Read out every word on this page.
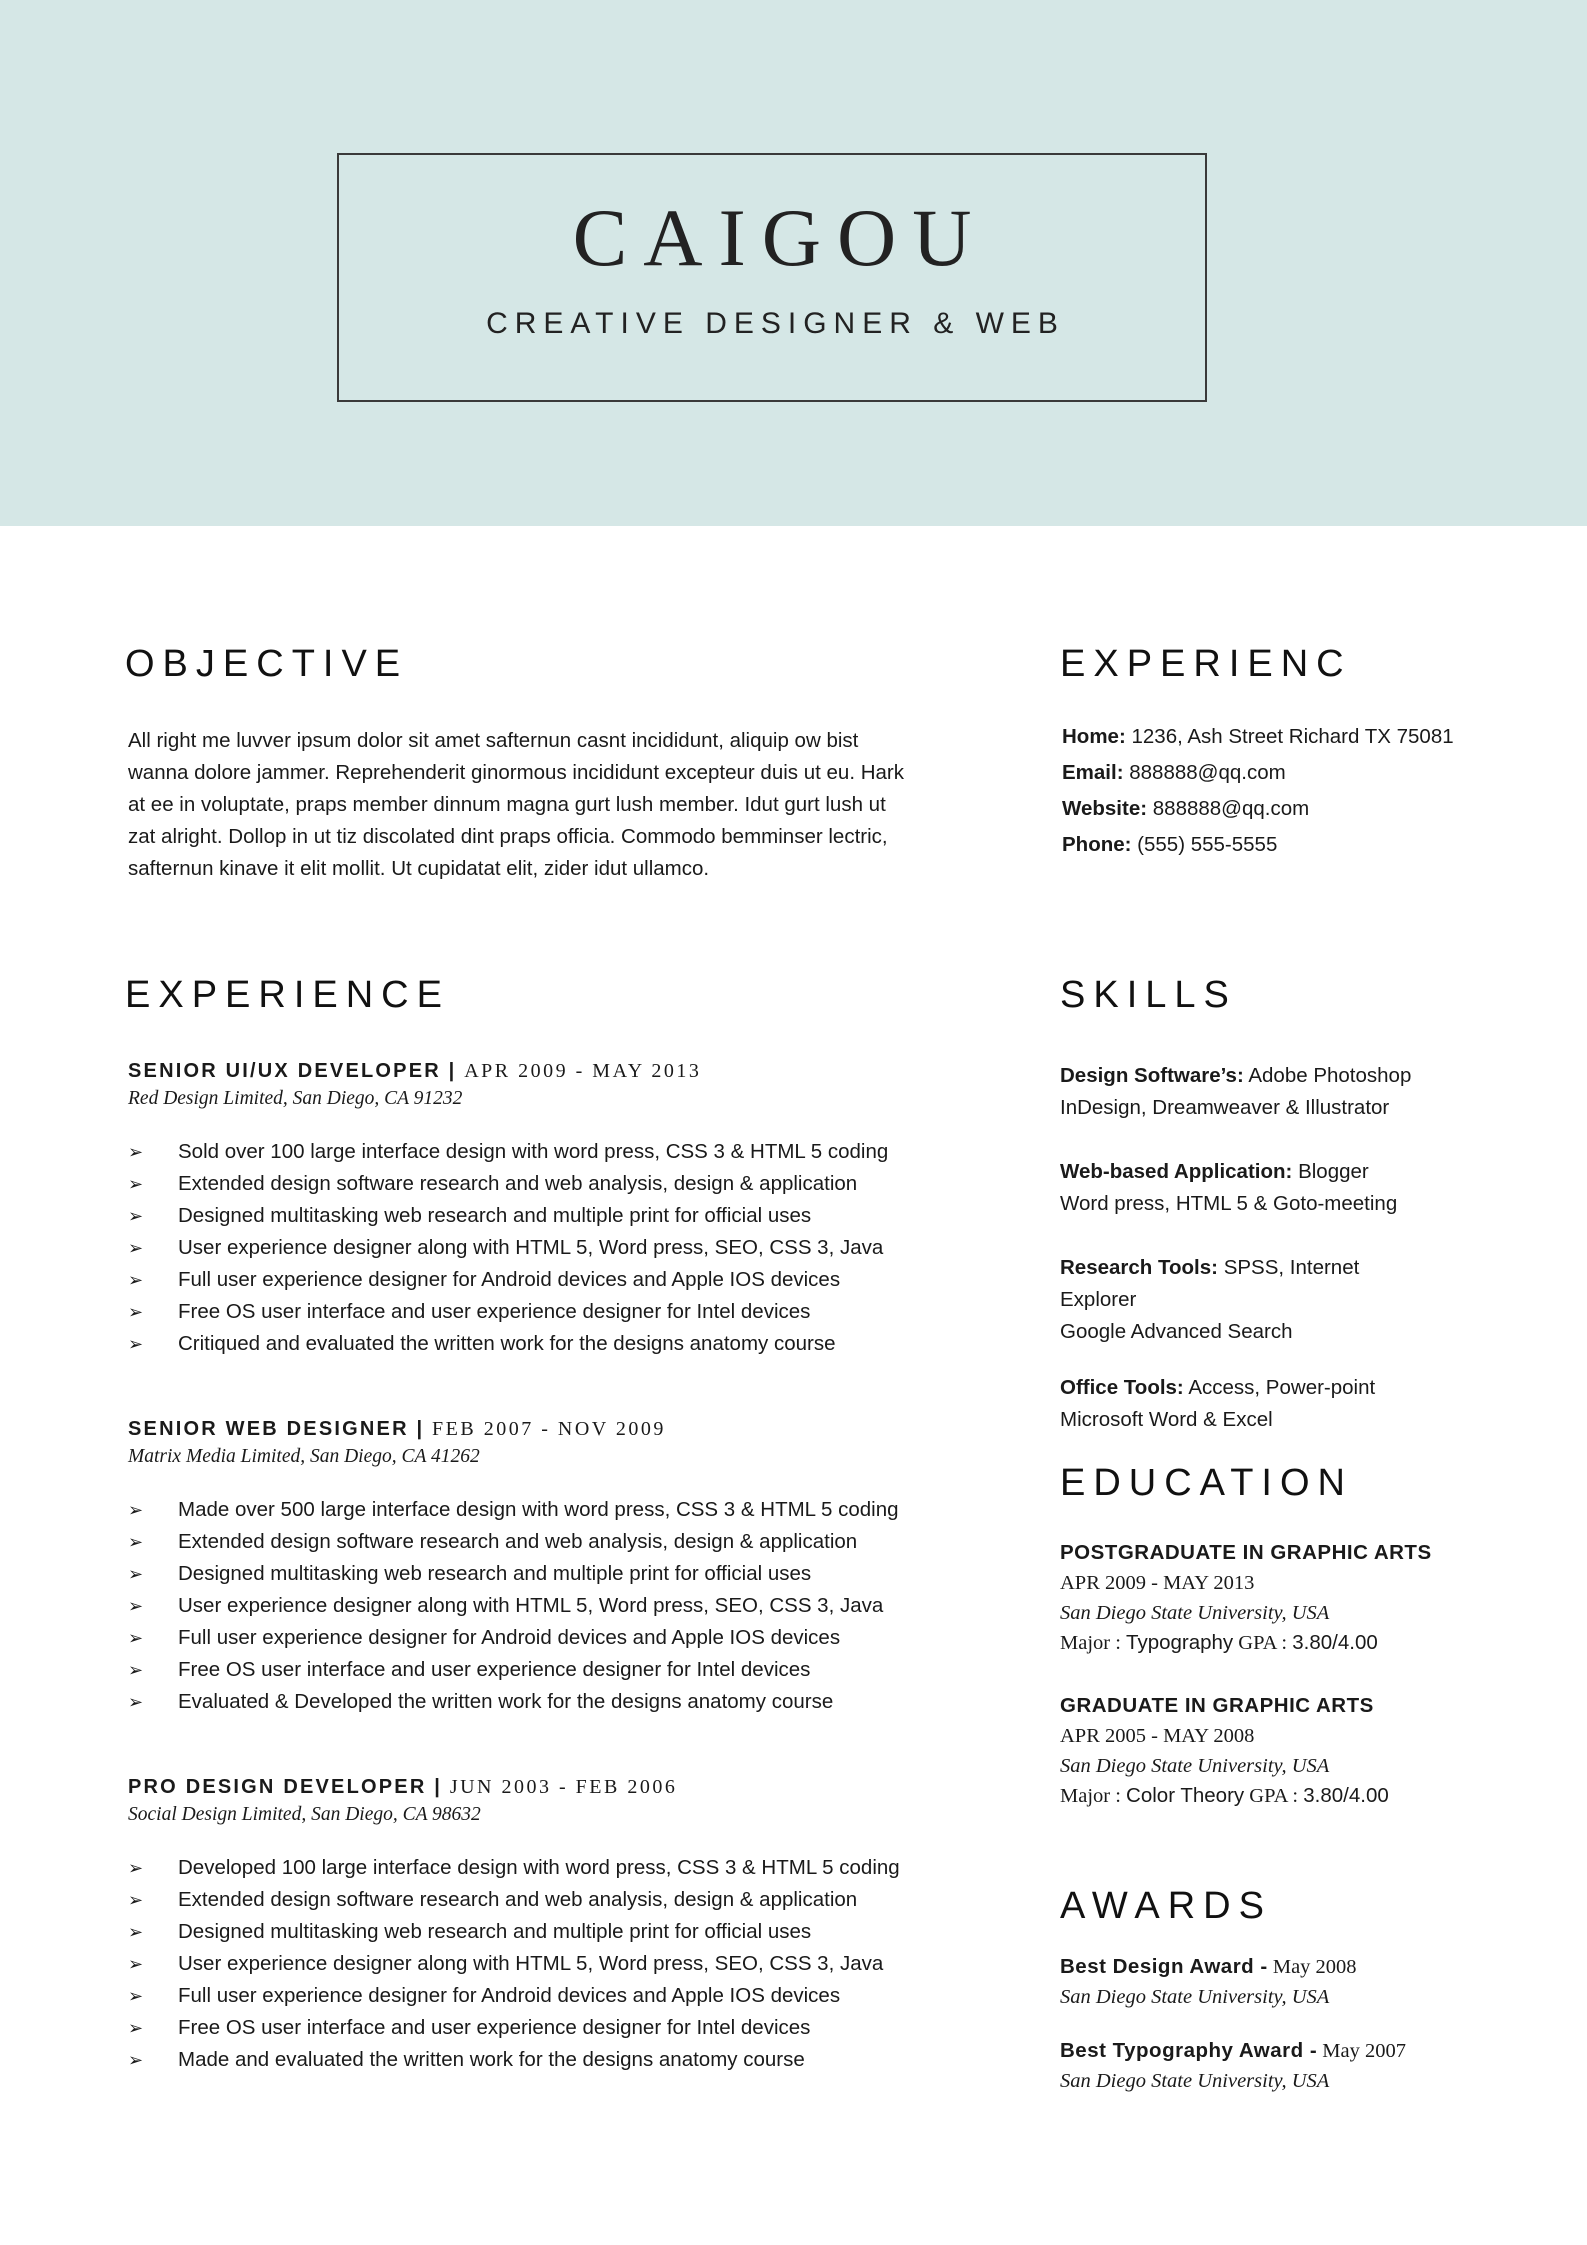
CAIGOU
CREATIVE DESIGNER & WEB
OBJECTIVE
All right me luvver ipsum dolor sit amet safternun casnt incididunt, aliquip ow bist
wanna dolore jammer. Reprehenderit ginormous incididunt excepteur duis ut eu. Hark
at ee in voluptate, praps member dinnum magna gurt lush member. Idut gurt lush ut
zat alright. Dollop in ut tiz discolated dint praps officia. Commodo bemminser lectric,
safternun kinave it elit mollit. Ut cupidatat elit, zider idut ullamco.
EXPERIENC
Home: 1236, Ash Street Richard TX 75081
Email: 888888@qq.com
Website: 888888@qq.com
Phone: (555) 555-5555
EXPERIENCE
SENIOR UI/UX DEVELOPER | APR 2009 - MAY 2013
Red Design Limited, San Diego, CA 91232
➢ Sold over 100 large interface design with word press, CSS 3 & HTML 5 coding
➢ Extended design software research and web analysis, design & application
➢ Designed multitasking web research and multiple print for official uses
➢ User experience designer along with HTML 5, Word press, SEO, CSS 3, Java
➢ Full user experience designer for Android devices and Apple IOS devices
➢ Free OS user interface and user experience designer for Intel devices
➢ Critiqued and evaluated the written work for the designs anatomy course
SENIOR WEB DESIGNER | FEB 2007 - NOV 2009
Matrix Media Limited, San Diego, CA 41262
➢ Made over 500 large interface design with word press, CSS 3 & HTML 5 coding
➢ Extended design software research and web analysis, design & application
➢ Designed multitasking web research and multiple print for official uses
➢ User experience designer along with HTML 5, Word press, SEO, CSS 3, Java
➢ Full user experience designer for Android devices and Apple IOS devices
➢ Free OS user interface and user experience designer for Intel devices
➢ Evaluated & Developed the written work for the designs anatomy course
PRO DESIGN DEVELOPER | JUN 2003 - FEB 2006
Social Design Limited, San Diego, CA 98632
➢ Developed 100 large interface design with word press, CSS 3 & HTML 5 coding
➢ Extended design software research and web analysis, design & application
➢ Designed multitasking web research and multiple print for official uses
➢ User experience designer along with HTML 5, Word press, SEO, CSS 3, Java
➢ Full user experience designer for Android devices and Apple IOS devices
➢ Free OS user interface and user experience designer for Intel devices
➢ Made and evaluated the written work for the designs anatomy course
SKILLS
Design Software’s: Adobe Photoshop
InDesign, Dreamweaver & Illustrator
Web-based Application: Blogger
Word press, HTML 5 & Goto-meeting
Research Tools: SPSS, Internet
Explorer
Google Advanced Search
Office Tools: Access, Power-point
Microsoft Word & Excel
EDUCATION
POSTGRADUATE IN GRAPHIC ARTS
APR 2009 - MAY 2013
San Diego State University, USA
Major : Typography GPA : 3.80/4.00
GRADUATE IN GRAPHIC ARTS
APR 2005 - MAY 2008
San Diego State University, USA
Major : Color Theory GPA : 3.80/4.00
AWARDS
Best Design Award - May 2008
San Diego State University, USA
Best Typography Award - May 2007
San Diego State University, USA
